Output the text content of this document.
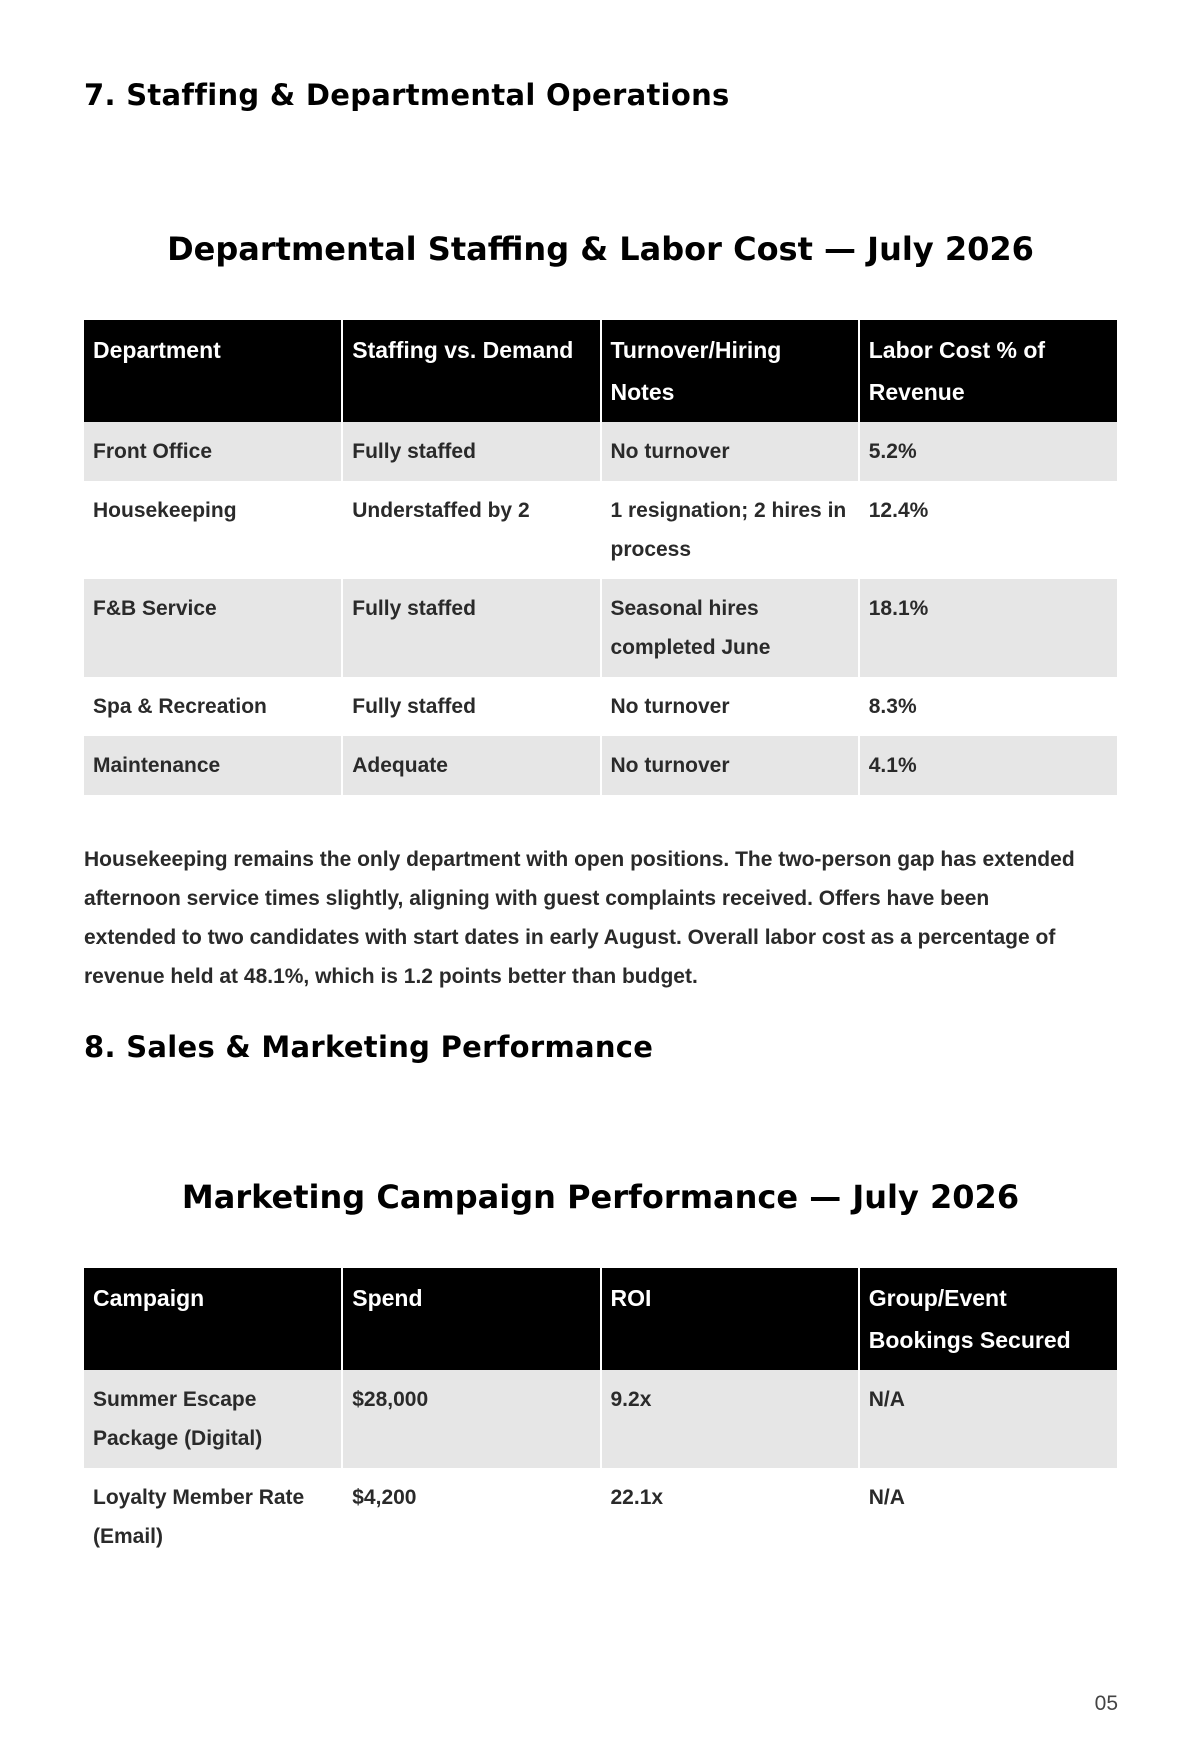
7. Staffing & Departmental Operations
Departmental Staffing & Labor Cost — July 2026
Department	Staffing vs. Demand	Turnover/Hiring Notes	Labor Cost % of Revenue
Front Office	Fully staffed	No turnover	5.2%
Housekeeping	Understaffed by 2	1 resignation; 2 hires in process	12.4%
F&B Service	Fully staffed	Seasonal hires completed June	18.1%
Spa & Recreation	Fully staffed	No turnover	8.3%
Maintenance	Adequate	No turnover	4.1%

Housekeeping remains the only department with open positions. The two-person gap has extended afternoon service times slightly, aligning with guest complaints received. Offers have been extended to two candidates with start dates in early August. Overall labor cost as a percentage of revenue held at 48.1%, which is 1.2 points better than budget.

8. Sales & Marketing Performance
Marketing Campaign Performance — July 2026
Campaign	Spend	ROI	Group/Event Bookings Secured
Summer Escape Package (Digital)	$28,000	9.2x	N/A
Loyalty Member Rate (Email)	$4,200	22.1x	N/A
05
